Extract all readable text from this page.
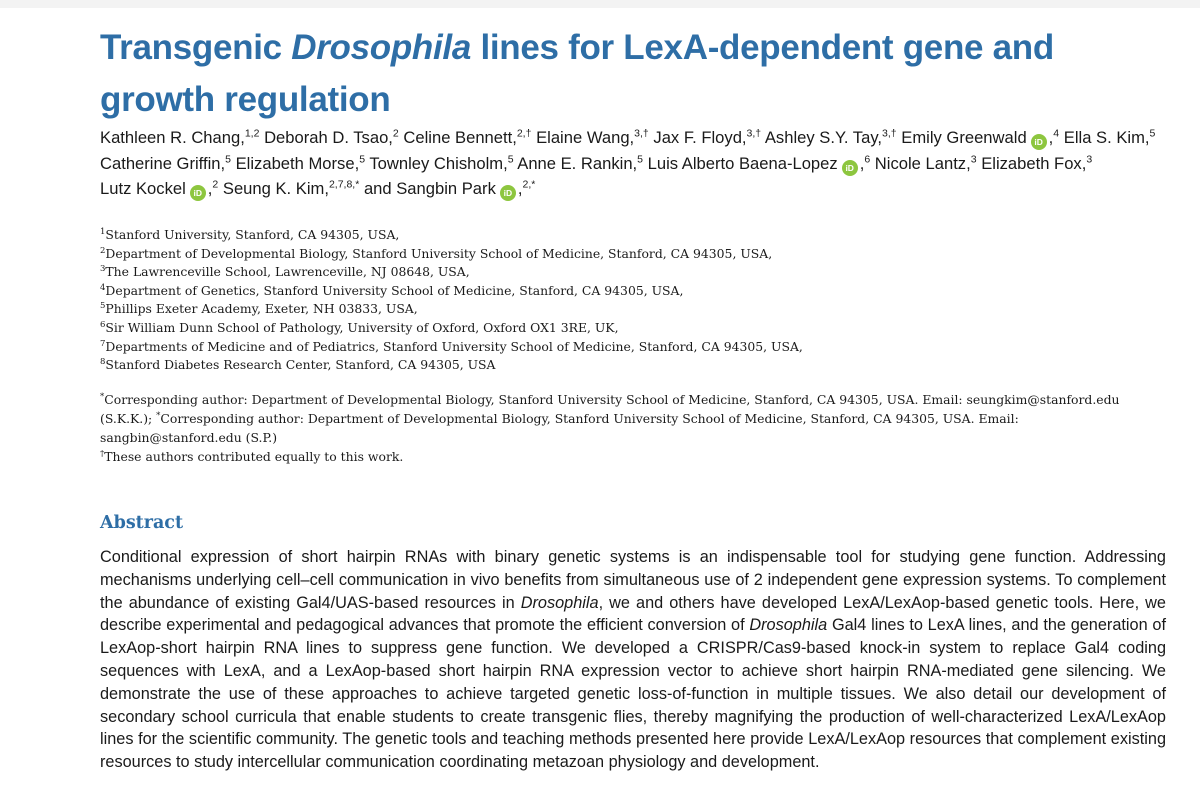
Transgenic Drosophila lines for LexA-dependent gene and growth regulation
Kathleen R. Chang,$^{1,2}$ Deborah D. Tsao,$^2$ Celine Bennett,$^{2,\dagger}$ Elaine Wang,$^{3,\dagger}$ Jax F. Floyd,$^{3,\dagger}$ Ashley S.Y. Tay,$^{3,\dagger}$ Emily Greenwald iD ,$^4$ Ella S. Kim,$^5$ Catherine Griffin,$^5$ Elizabeth Morse,$^5$ Townley Chisholm,$^5$ Anne E. Rankin,$^5$ Luis Alberto Baena-Lopez iD ,$^6$ Nicole Lantz,$^3$ Elizabeth Fox,$^3$ Lutz Kockel iD ,$^2$ Seung K. Kim,$^{2,7,8,*}$ and Sangbin Park iD ,$^{2,*}$
$^1$Stanford University, Stanford, CA 94305, USA,
$^2$Department of Developmental Biology, Stanford University School of Medicine, Stanford, CA 94305, USA,
$^3$The Lawrenceville School, Lawrenceville, NJ 08648, USA,
$^4$Department of Genetics, Stanford University School of Medicine, Stanford, CA 94305, USA,
$^5$Phillips Exeter Academy, Exeter, NH 03833, USA,
$^6$Sir William Dunn School of Pathology, University of Oxford, Oxford OX1 3RE, UK,
$^7$Departments of Medicine and of Pediatrics, Stanford University School of Medicine, Stanford, CA 94305, USA,
$^8$Stanford Diabetes Research Center, Stanford, CA 94305, USA

*Corresponding author: Department of Developmental Biology, Stanford University School of Medicine, Stanford, CA 94305, USA. Email: seungkim@stanford.edu (S.K.K.); *Corresponding author: Department of Developmental Biology, Stanford University School of Medicine, Stanford, CA 94305, USA. Email: sangbin@stanford.edu (S.P.)

†These authors contributed equally to this work.

Abstract

Conditional expression of short hairpin RNAs with binary genetic systems is an indispensable tool for studying gene function. Addressing mechanisms underlying cell–cell communication in vivo benefits from simultaneous use of 2 independent gene expression systems. To complement the abundance of existing Gal4/UAS-based resources in Drosophila, we and others have developed LexA/LexAop-based genetic tools. Here, we describe experimental and pedagogical advances that promote the efficient conversion of Drosophila Gal4 lines to LexA lines, and the generation of LexAop-short hairpin RNA lines to suppress gene function. We developed a CRISPR/Cas9-based knock-in system to replace Gal4 coding sequences with LexA, and a LexAop-based short hairpin RNA expression vector to achieve short hairpin RNA-mediated gene silencing. We demonstrate the use of these approaches to achieve targeted genetic loss-of-function in multiple tissues. We also detail our development of secondary school curricula that enable students to create transgenic flies, thereby magnifying the production of well-characterized LexA/LexAop lines for the scientific community. The genetic tools and teaching methods presented here provide LexA/LexAop resources that complement existing resources to study intercellular communication coordinating metazoan physiology and development.
